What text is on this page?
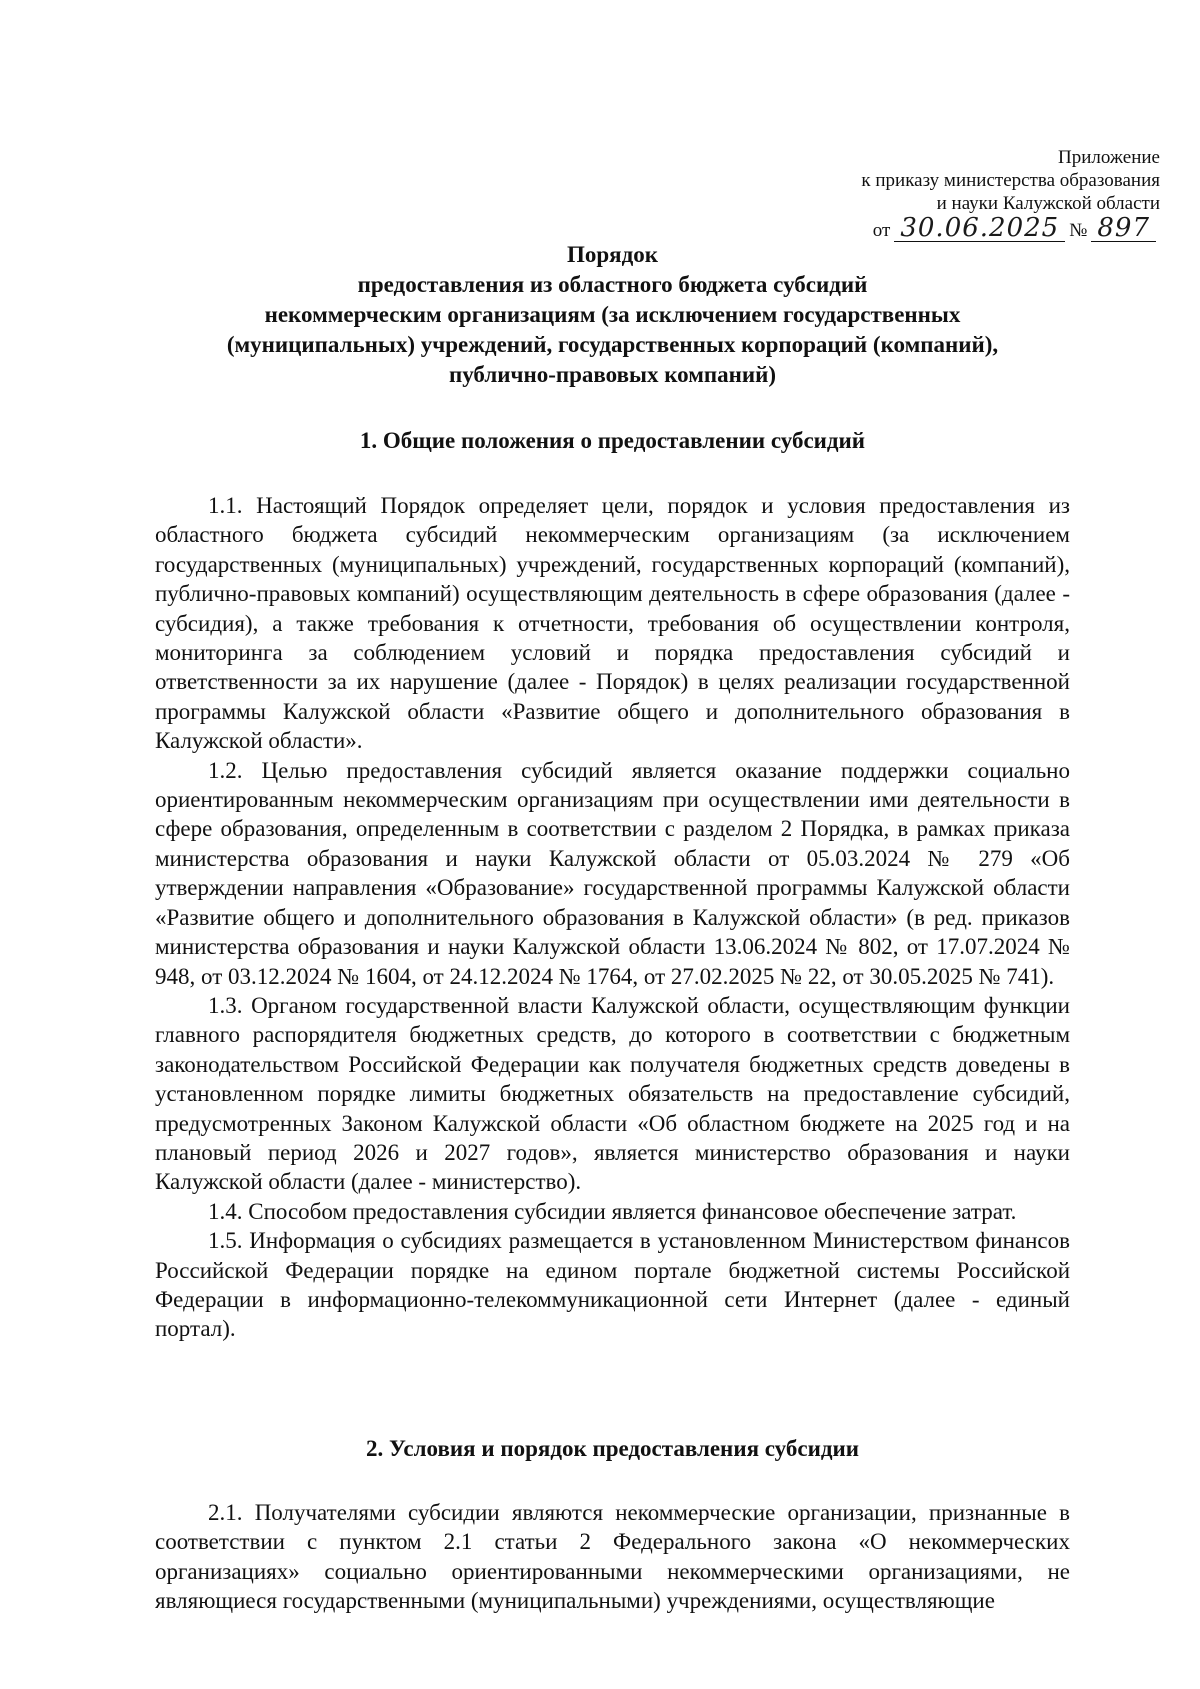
Приложение
к приказу министерства образования
и науки Калужской области
от 30.06.2025 № 897
Порядок
предоставления из областного бюджета субсидий
некоммерческим организациям (за исключением государственных
(муниципальных) учреждений, государственных корпораций (компаний),
публично-правовых компаний)
1. Общие положения о предоставлении субсидий

1.1. Настоящий Порядок определяет цели, порядок и условия предоставления из областного бюджета субсидий некоммерческим организациям (за исключением государственных (муниципальных) учреждений, государственных корпораций (компаний), публично-правовых компаний) осуществляющим деятельность в сфере образования (далее - субсидия), а также требования к отчетности, требования об осуществлении контроля, мониторинга за соблюдением условий и порядка предоставления субсидий и ответственности за их нарушение (далее - Порядок) в целях реализации государственной программы Калужской области «Развитие общего и дополнительного образования в Калужской области».

1.2. Целью предоставления субсидий является оказание поддержки социально ориентированным некоммерческим организациям при осуществлении ими деятельности в сфере образования, определенным в соответствии с разделом 2 Порядка, в рамках приказа министерства образования и науки Калужской области от 05.03.2024 № 279 «Об утверждении направления «Образование» государственной программы Калужской области «Развитие общего и дополнительного образования в Калужской области» (в ред. приказов министерства образования и науки Калужской области 13.06.2024 № 802, от 17.07.2024 № 948, от 03.12.2024 № 1604, от 24.12.2024 № 1764, от 27.02.2025 № 22, от 30.05.2025 № 741).

1.3. Органом государственной власти Калужской области, осуществляющим функции главного распорядителя бюджетных средств, до которого в соответствии с бюджетным законодательством Российской Федерации как получателя бюджетных средств доведены в установленном порядке лимиты бюджетных обязательств на предоставление субсидий, предусмотренных Законом Калужской области «Об областном бюджете на 2025 год и на плановый период 2026 и 2027 годов», является министерство образования и науки Калужской области (далее - министерство).

1.4. Способом предоставления субсидии является финансовое обеспечение затрат.

1.5. Информация о субсидиях размещается в установленном Министерством финансов Российской Федерации порядке на едином портале бюджетной системы Российской Федерации в информационно-телекоммуникационной сети Интернет (далее - единый портал).

2. Условия и порядок предоставления субсидии

2.1. Получателями субсидии являются некоммерческие организации, признанные в соответствии с пунктом 2.1 статьи 2 Федерального закона «О некоммерческих организациях» социально ориентированными некоммерческими организациями, не являющиеся государственными (муниципальными) учреждениями, осуществляющие
